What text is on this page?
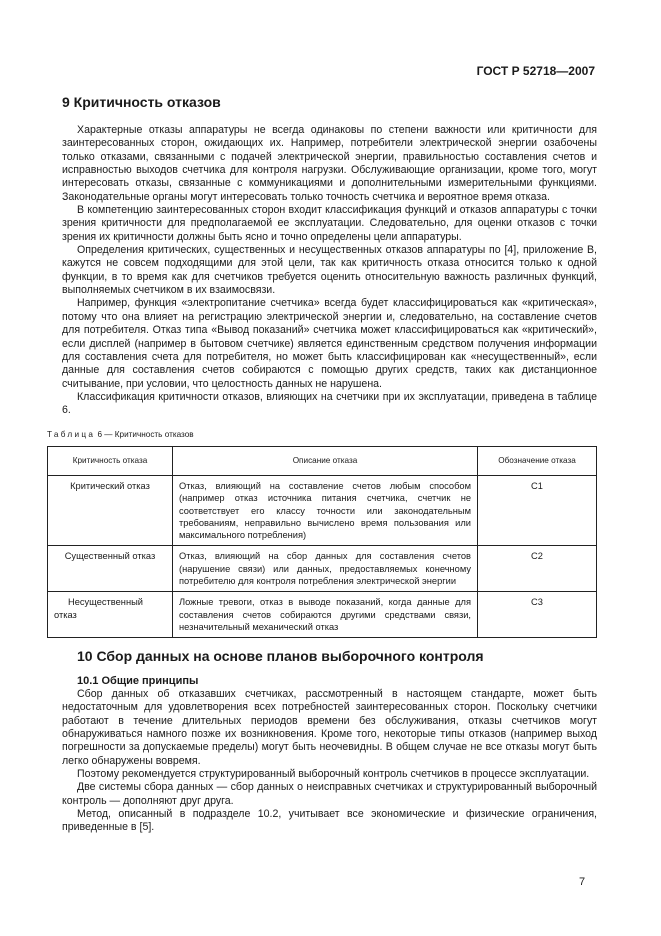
ГОСТ Р 52718—2007
9 Критичность отказов

Характерные отказы аппаратуры не всегда одинаковы по степени важности или критичности для заинтересованных сторон, ожидающих их. Например, потребители электрической энергии озабочены только отказами, связанными с подачей электрической энергии, правильностью составления счетов и исправностью выходов счетчика для контроля нагрузки. Обслуживающие организации, кроме того, могут интересовать отказы, связанные с коммуникациями и дополнительными измерительными функциями. Законодательные органы могут интересовать только точность счетчика и вероятное время отказа.

В компетенцию заинтересованных сторон входит классификация функций и отказов аппаратуры с точки зрения критичности для предполагаемой ее эксплуатации. Следовательно, для оценки отказов с точки зрения их критичности должны быть ясно и точно определены цели аппаратуры.

Определения критических, существенных и несущественных отказов аппаратуры по [4], приложение В, кажутся не совсем подходящими для этой цели, так как критичность отказа относится только к одной функции, в то время как для счетчиков требуется оценить относительную важность различных функций, выполняемых счетчиком в их взаимосвязи.

Например, функция «электропитание счетчика» всегда будет классифицироваться как «критическая», потому что она влияет на регистрацию электрической энергии и, следовательно, на составление счетов для потребителя. Отказ типа «Вывод показаний» счетчика может классифицироваться как «критический», если дисплей (например в бытовом счетчике) является единственным средством получения информации для составления счета для потребителя, но может быть классифицирован как «несущественный», если данные для составления счетов собираются с помощью других средств, таких как дистанционное считывание, при условии, что целостность данных не нарушена.

Классификация критичности отказов, влияющих на счетчики при их эксплуатации, приведена в таблице 6.

Таблица 6 — Критичность отказов
Критичность отказа	Описание отказа	Обозначение отказа
Критический отказ	Отказ, влияющий на составление счетов любым способом (например отказ источника питания счетчика, счетчик не соответствует его классу точности или законодательным требованиям, неправильно вычислено время пользования или максимального потребления)	C1
Существенный отказ	Отказ, влияющий на сбор данных для составления счетов (нарушение связи) или данных, предоставляемых конечному потребителю для контроля потребления электрической энергии	C2
Несущественный отказ	Ложные тревоги, отказ в выводе показаний, когда данные для составления счетов собираются другими средствами связи, незначительный механический отказ	C3
10 Сбор данных на основе планов выборочного контроля
10.1 Общие принципы

Сбор данных об отказавших счетчиках, рассмотренный в настоящем стандарте, может быть недостаточным для удовлетворения всех потребностей заинтересованных сторон. Поскольку счетчики работают в течение длительных периодов времени без обслуживания, отказы счетчиков могут обнаруживаться намного позже их возникновения. Кроме того, некоторые типы отказов (например выход погрешности за допускаемые пределы) могут быть неочевидны. В общем случае не все отказы могут быть легко обнаружены вовремя.

Поэтому рекомендуется структурированный выборочный контроль счетчиков в процессе эксплуатации.

Две системы сбора данных — сбор данных о неисправных счетчиках и структурированный выборочный контроль — дополняют друг друга.

Метод, описанный в подразделе 10.2, учитывает все экономические и физические ограничения, приведенные в [5].

7
